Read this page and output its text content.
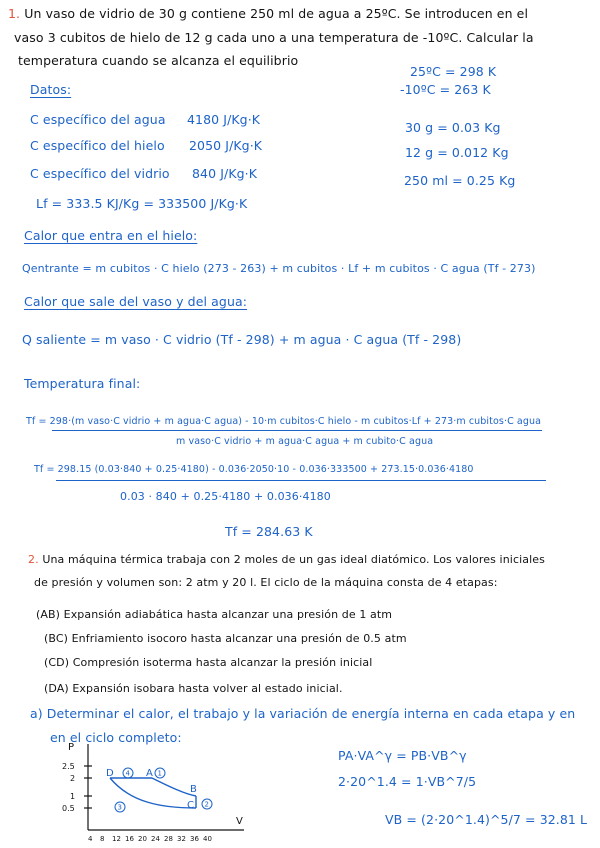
1. Un vaso de vidrio de 30 g contiene 250 ml de agua a 25ºC. Se introducen en el
vaso 3 cubitos de hielo de 12 g cada uno a una temperatura de -10ºC. Calcular la
temperatura cuando se alcanza el equilibrio
25ºC = 298 K
-10ºC = 263 K
30 g = 0.03 Kg
12 g = 0.012 Kg
250 ml = 0.25 Kg
Datos:
C específico del agua 4180 J/Kg·K
C específico del hielo 2050 J/Kg·K
C específico del vidrio 840 J/Kg·K
Lf = 333.5 KJ/Kg = 333500 J/Kg·K
Calor que entra en el hielo:
Qentrante = m cubitos · C hielo (273 - 263) + m cubitos · Lf + m cubitos · C agua (Tf - 273)
Calor que sale del vaso y del agua:
Q saliente = m vaso · C vidrio (Tf - 298) + m agua · C agua (Tf - 298)
Temperatura final:
Tf = 298·(m vaso·C vidrio + m agua·C agua) - 10·m cubitos·C hielo - m cubitos·Lf + 273·m cubitos·C agua
m vaso·C vidrio + m agua·C agua + m cubito·C agua
Tf = 298.15 (0.03·840 + 0.25·4180) - 0.036·2050·10 - 0.036·333500 + 273.15·0.036·4180
0.03 · 840 + 0.25·4180 + 0.036·4180
Tf = 284.63 K
2. Una máquina térmica trabaja con 2 moles de un gas ideal diatómico. Los valores iniciales
de presión y volumen son: 2 atm y 20 l. El ciclo de la máquina consta de 4 etapas:
(AB) Expansión adiabática hasta alcanzar una presión de 1 atm
(BC) Enfriamiento isocoro hasta alcanzar una presión de 0.5 atm
(CD) Compresión isoterma hasta alcanzar la presión inicial
(DA) Expansión isobara hasta volver al estado inicial.
a) Determinar el calor, el trabajo y la variación de energía interna en cada etapa y en
en el ciclo completo:
P
V
2.5
2
1
0.5
4 8 12 16 20 24 28 32 36 40
D	A
B
C
4	1
2
3
PA·VA^γ = PB·VB^γ
2·20^1.4 = 1·VB^7/5
VB = (2·20^1.4)^5/7 = 32.81 L
